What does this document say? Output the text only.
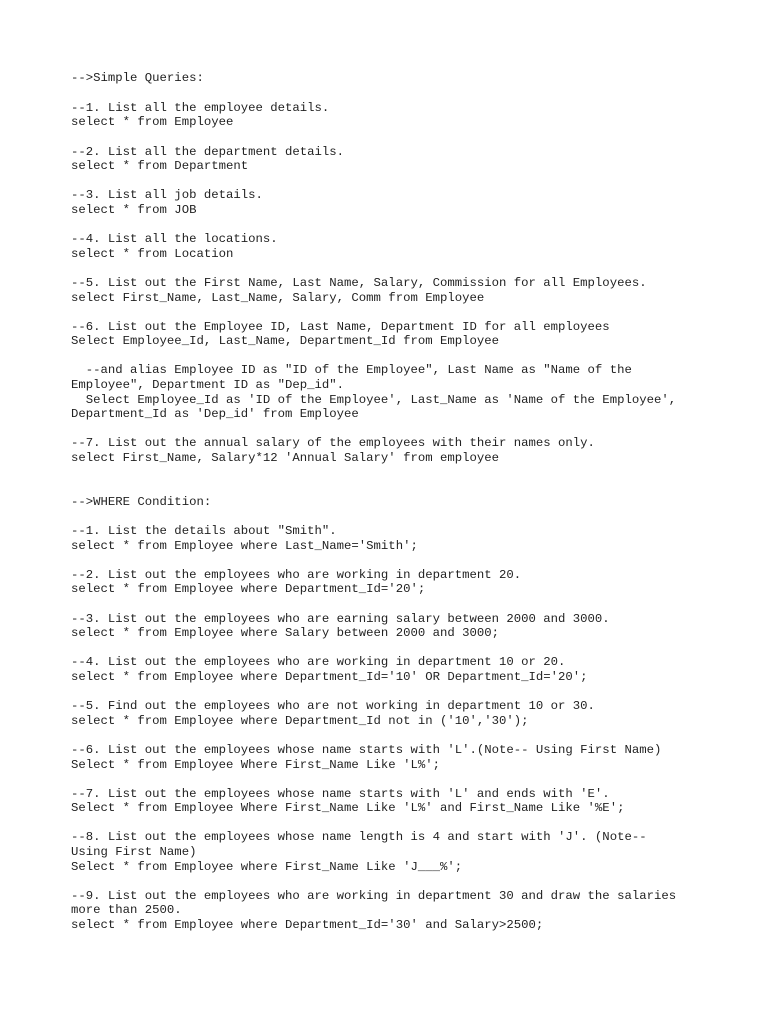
-->Simple Queries:
--1. List all the employee details.
select * from Employee
--2. List all the department details.
select * from Department
--3. List all job details.
select * from JOB
--4. List all the locations.
select * from Location
--5. List out the First Name, Last Name, Salary, Commission for all Employees.
select First_Name, Last_Name, Salary, Comm from Employee
--6. List out the Employee ID, Last Name, Department ID for all employees
Select Employee_Id, Last_Name, Department_Id from Employee
--and alias Employee ID as "ID of the Employee", Last Name as "Name of the
Employee", Department ID as "Dep_id".
Select Employee_Id as 'ID of the Employee', Last_Name as 'Name of the Employee',
Department_Id as 'Dep_id' from Employee
--7. List out the annual salary of the employees with their names only.
select First_Name, Salary*12 'Annual Salary' from employee
-->WHERE Condition:
--1. List the details about "Smith".
select * from Employee where Last_Name='Smith';
--2. List out the employees who are working in department 20.
select * from Employee where Department_Id='20';
--3. List out the employees who are earning salary between 2000 and 3000.
select * from Employee where Salary between 2000 and 3000;
--4. List out the employees who are working in department 10 or 20.
select * from Employee where Department_Id='10' OR Department_Id='20';
--5. Find out the employees who are not working in department 10 or 30.
select * from Employee where Department_Id not in ('10','30');
--6. List out the employees whose name starts with 'L'.(Note-- Using First Name)
Select * from Employee Where First_Name Like 'L%';
--7. List out the employees whose name starts with 'L' and ends with 'E'.
Select * from Employee Where First_Name Like 'L%' and First_Name Like '%E';
--8. List out the employees whose name length is 4 and start with 'J'. (Note--
Using First Name)
Select * from Employee where First_Name Like 'J___%';
--9. List out the employees who are working in department 30 and draw the salaries
more than 2500.
select * from Employee where Department_Id='30' and Salary>2500;
